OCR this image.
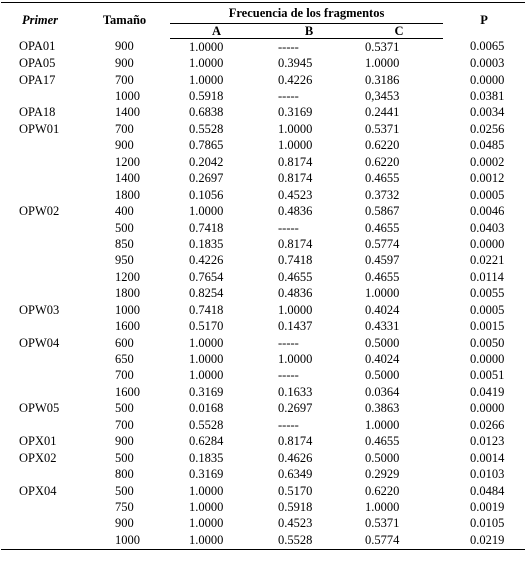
Primer	Tamaño	Frecuencia de los fragmentos			P
		A	B	C	
OPA01	900	1.0000	-----	0.5371	0.0065
OPA05	900	1.0000	0.3945	1.0000	0.0003
OPA17	700	1.0000	0.4226	0.3186	0.0000
	1000	0.5918	-----	0,3453	0.0381
OPA18	1400	0.6838	0.3169	0.2441	0.0034
OPW01	700	0.5528	1.0000	0.5371	0.0256
	900	0.7865	1.0000	0.6220	0.0485
	1200	0.2042	0.8174	0.6220	0.0002
	1400	0.2697	0.8174	0.4655	0.0012
	1800	0.1056	0.4523	0.3732	0.0005
OPW02	400	1.0000	0.4836	0.5867	0.0046
	500	0.7418	-----	0.4655	0.0403
	850	0.1835	0.8174	0.5774	0.0000
	950	0.4226	0.7418	0.4597	0.0221
	1200	0.7654	0.4655	0.4655	0.0114
	1800	0.8254	0.4836	1.0000	0.0055
OPW03	1000	0.7418	1.0000	0.4024	0.0005
	1600	0.5170	0.1437	0.4331	0.0015
OPW04	600	1.0000	-----	0.5000	0.0050
	650	1.0000	1.0000	0.4024	0.0000
	700	1.0000	-----	0.5000	0.0051
	1600	0.3169	0.1633	0.0364	0.0419
OPW05	500	0.0168	0.2697	0.3863	0.0000
	700	0.5528	-----	1.0000	0.0266
OPX01	900	0.6284	0.8174	0.4655	0.0123
OPX02	500	0.1835	0.4626	0.5000	0.0014
	800	0.3169	0.6349	0.2929	0.0103
OPX04	500	1.0000	0.5170	0.6220	0.0484
	750	1.0000	0.5918	1.0000	0.0019
	900	1.0000	0.4523	0.5371	0.0105
	1000	1.0000	0.5528	0.5774	0.0219
